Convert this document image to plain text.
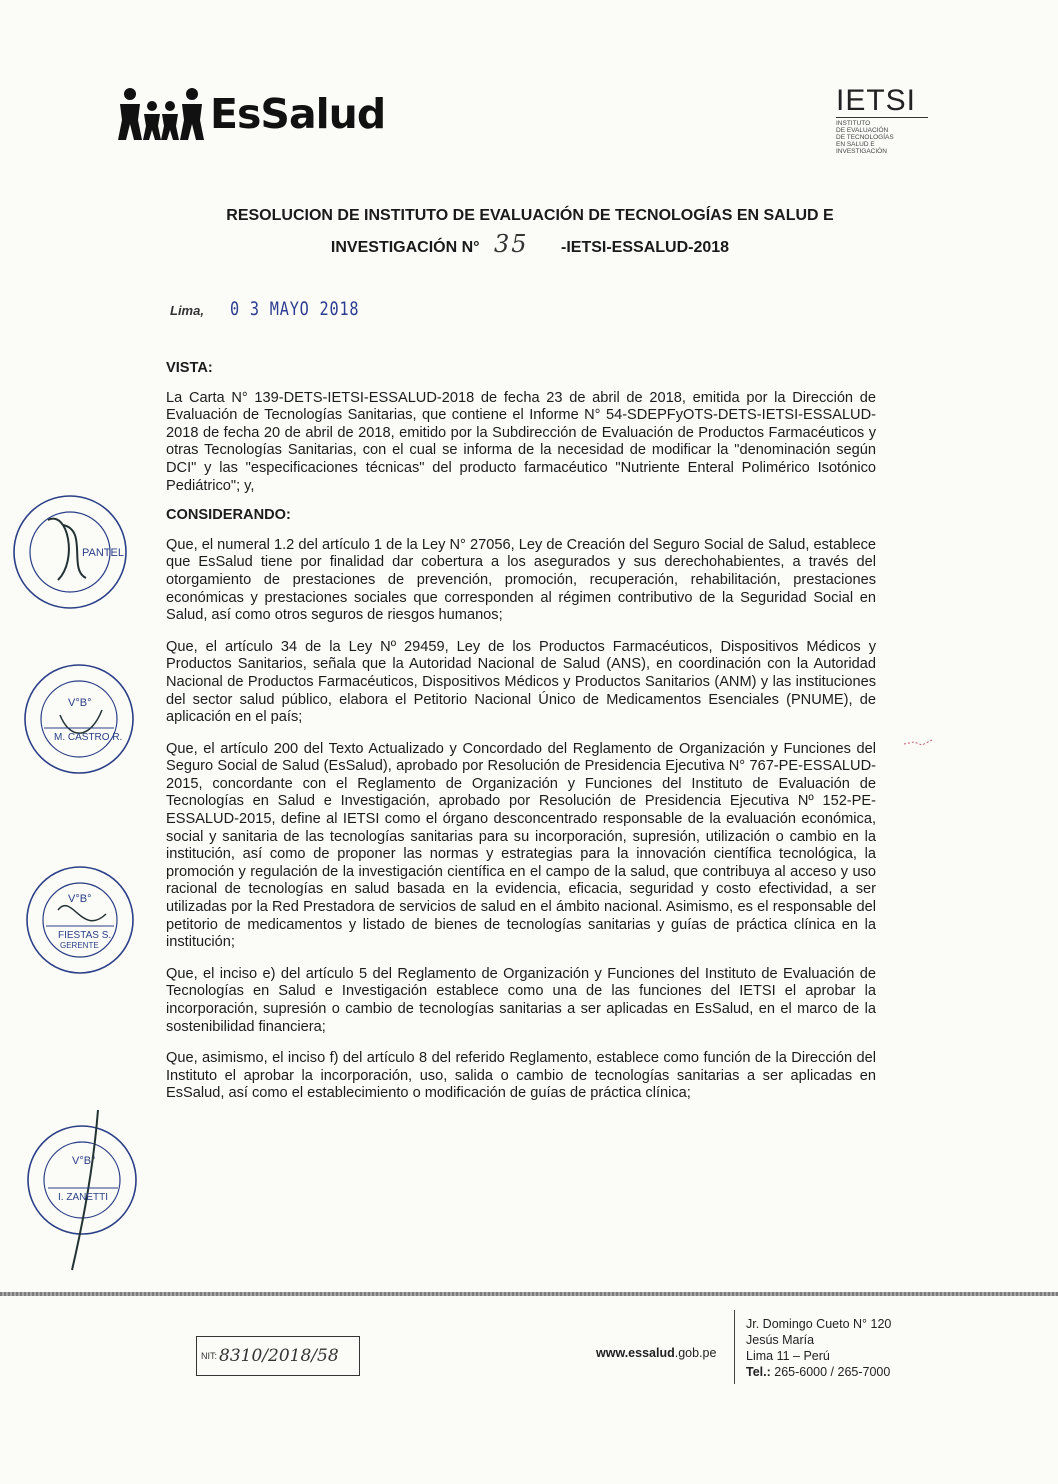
EsSalud	IETSI
INSTITUTO
DE EVALUACIÓN
DE TECNOLOGÍAS
EN SALUD E
INVESTIGACIÓN
RESOLUCION DE INSTITUTO DE EVALUACIÓN DE TECNOLOGÍAS EN SALUD E
INVESTIGACIÓN N° 35 -IETSI-ESSALUD-2018
Lima, 0 3 MAYO 2018
VISTA:

La Carta N° 139-DETS-IETSI-ESSALUD-2018 de fecha 23 de abril de 2018, emitida por la Dirección de Evaluación de Tecnologías Sanitarias, que contiene el Informe N° 54-SDEPFyOTS-DETS-IETSI-ESSALUD-2018 de fecha 20 de abril de 2018, emitido por la Subdirección de Evaluación de Productos Farmacéuticos y otras Tecnologías Sanitarias, con el cual se informa de la necesidad de modificar la "denominación según DCI" y las "especificaciones técnicas" del producto farmacéutico "Nutriente Enteral Polimérico Isotónico Pediátrico"; y,

CONSIDERANDO:

Que, el numeral 1.2 del artículo 1 de la Ley N° 27056, Ley de Creación del Seguro Social de Salud, establece que EsSalud tiene por finalidad dar cobertura a los asegurados y sus derechohabientes, a través del otorgamiento de prestaciones de prevención, promoción, recuperación, rehabilitación, prestaciones económicas y prestaciones sociales que corresponden al régimen contributivo de la Seguridad Social en Salud, así como otros seguros de riesgos humanos;

Que, el artículo 34 de la Ley Nº 29459, Ley de los Productos Farmacéuticos, Dispositivos Médicos y Productos Sanitarios, señala que la Autoridad Nacional de Salud (ANS), en coordinación con la Autoridad Nacional de Productos Farmacéuticos, Dispositivos Médicos y Productos Sanitarios (ANM) y las instituciones del sector salud público, elabora el Petitorio Nacional Único de Medicamentos Esenciales (PNUME), de aplicación en el país;

Que, el artículo 200 del Texto Actualizado y Concordado del Reglamento de Organización y Funciones del Seguro Social de Salud (EsSalud), aprobado por Resolución de Presidencia Ejecutiva N° 767-PE-ESSALUD-2015, concordante con el Reglamento de Organización y Funciones del Instituto de Evaluación de Tecnologías en Salud e Investigación, aprobado por Resolución de Presidencia Ejecutiva Nº 152-PE-ESSALUD-2015, define al IETSI como el órgano desconcentrado responsable de la evaluación económica, social y sanitaria de las tecnologías sanitarias para su incorporación, supresión, utilización o cambio en la institución, así como de proponer las normas y estrategias para la innovación científica tecnológica, la promoción y regulación de la investigación científica en el campo de la salud, que contribuya al acceso y uso racional de tecnologías en salud basada en la evidencia, eficacia, seguridad y costo efectividad, a ser utilizadas por la Red Prestadora de servicios de salud en el ámbito nacional. Asimismo, es el responsable del petitorio de medicamentos y listado de bienes de tecnologías sanitarias y guías de práctica clínica en la institución;

Que, el inciso e) del artículo 5 del Reglamento de Organización y Funciones del Instituto de Evaluación de Tecnologías en Salud e Investigación establece como una de las funciones del IETSI el aprobar la incorporación, supresión o cambio de tecnologías sanitarias a ser aplicadas en EsSalud, en el marco de la sostenibilidad financiera;

Que, asimismo, el inciso f) del artículo 8 del referido Reglamento, establece como función de la Dirección del Instituto el aprobar la incorporación, uso, salida o cambio de tecnologías sanitarias a ser aplicadas en EsSalud, así como el establecimiento o modificación de guías de práctica clínica;

PANTEL
V°B°
M. CASTRO R.
V°B°
FIESTAS S.
GERENTE
V°B°
I. ZANETTI
NIT: 8310/2018/58	www.essalud.gob.pe
Jr. Domingo Cueto N° 120
Jesús María
Lima 11 – Perú
Tel.: 265-6000 / 265-7000
